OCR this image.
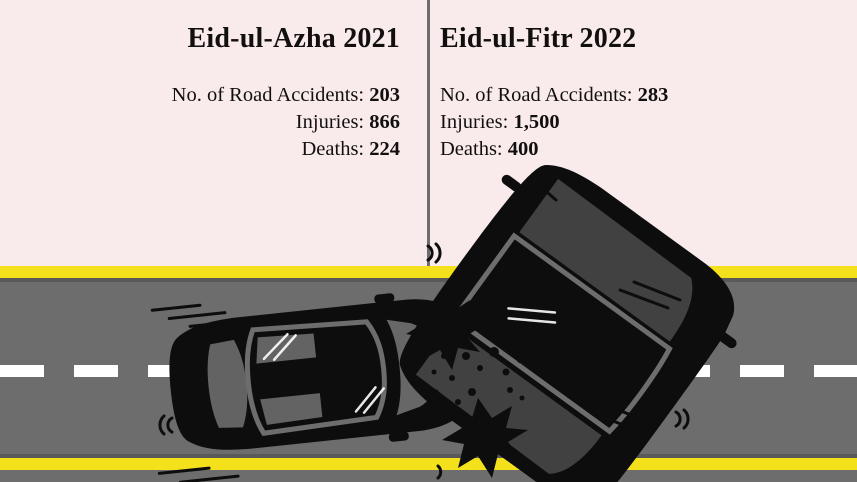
Eid-ul-Azha 2021
No. of Road Accidents: 203
Injuries: 866
Deaths: 224
Eid-ul-Fitr 2022
No. of Road Accidents: 283
Injuries: 1,500
Deaths: 400
